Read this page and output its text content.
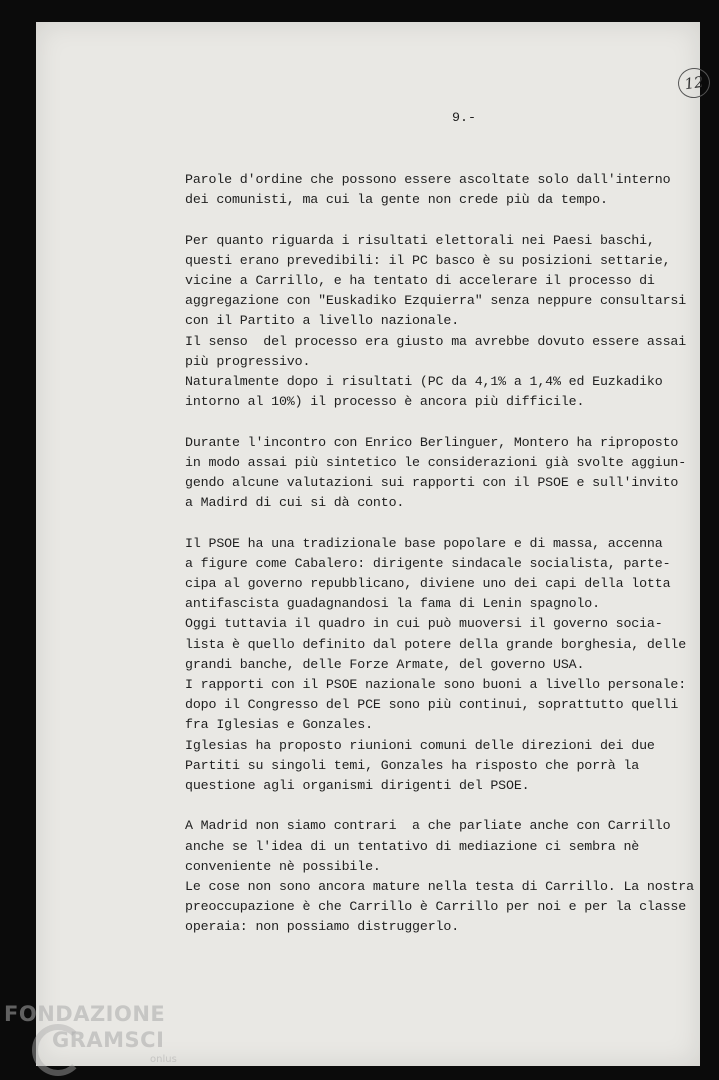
12
9.-

Parole d'ordine che possono essere ascoltate solo dall'interno
dei comunisti, ma cui la gente non crede più da tempo.

Per quanto riguarda i risultati elettorali nei Paesi baschi,
questi erano prevedibili: il PC basco è su posizioni settarie,
vicine a Carrillo, e ha tentato di accelerare il processo di
aggregazione con "Euskadiko Ezquierra" senza neppure consultarsi
con il Partito a livello nazionale.
Il senso  del processo era giusto ma avrebbe dovuto essere assai
più progressivo.
Naturalmente dopo i risultati (PC da 4,1% a 1,4% ed Euzkadiko
intorno al 10%) il processo è ancora più difficile.

Durante l'incontro con Enrico Berlinguer, Montero ha riproposto
in modo assai più sintetico le considerazioni già svolte aggiun-
gendo alcune valutazioni sui rapporti con il PSOE e sull'invito
a Madird di cui si dà conto.

Il PSOE ha una tradizionale base popolare e di massa, accenna
a figure come Cabalero: dirigente sindacale socialista, parte-
cipa al governo repubblicano, diviene uno dei capi della lotta
antifascista guadagnandosi la fama di Lenin spagnolo.
Oggi tuttavia il quadro in cui può muoversi il governo socia-
lista è quello definito dal potere della grande borghesia, delle
grandi banche, delle Forze Armate, del governo USA.
I rapporti con il PSOE nazionale sono buoni a livello personale:
dopo il Congresso del PCE sono più continui, soprattutto quelli
fra Iglesias e Gonzales.
Iglesias ha proposto riunioni comuni delle direzioni dei due
Partiti su singoli temi, Gonzales ha risposto che porrà la
questione agli organismi dirigenti del PSOE.

A Madrid non siamo contrari  a che parliate anche con Carrillo
anche se l'idea di un tentativo di mediazione ci sembra nè
conveniente nè possibile.
Le cose non sono ancora mature nella testa di Carrillo. La nostra
preoccupazione è che Carrillo è Carrillo per noi e per la classe
operaia: non possiamo distruggerlo.

FONDAZIONE
GRAMSCI
onlus
